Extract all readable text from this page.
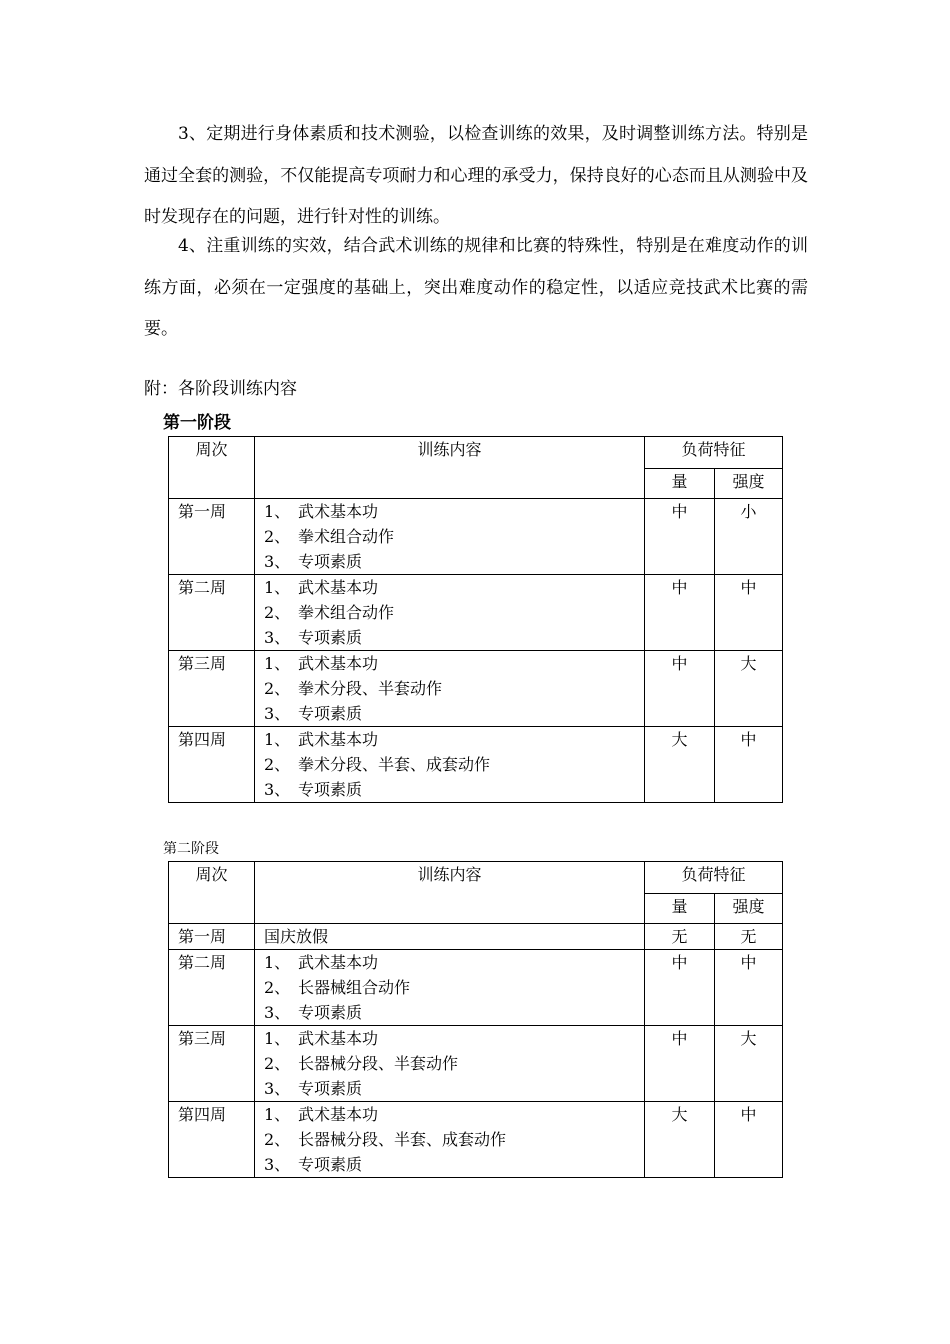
3、定期进行身体素质和技术测验，以检查训练的效果，及时调整训练方法。特别是通过全套的测验，不仅能提高专项耐力和心理的承受力，保持良好的心态而且从测验中及时发现存在的问题，进行针对性的训练。

4、注重训练的实效，结合武术训练的规律和比赛的特殊性，特别是在难度动作的训练方面，必须在一定强度的基础上，突出难度动作的稳定性，以适应竞技武术比赛的需要。

附：各阶段训练内容

第一阶段

周次	训练内容	负荷特征	
		量	强度
第一周	1、 武术基本功
2、 拳术组合动作
3、 专项素质	中	小
第二周	1、 武术基本功
2、 拳术组合动作
3、 专项素质	中	中
第三周	1、 武术基本功
2、 拳术分段、半套动作
3、 专项素质	中	大
第四周	1、 武术基本功
2、 拳术分段、半套、成套动作
3、 专项素质	大	中

第二阶段

周次	训练内容	负荷特征	
		量	强度
第一周	国庆放假	无	无
第二周	1、 武术基本功
2、 长器械组合动作
3、 专项素质	中	中
第三周	1、 武术基本功
2、 长器械分段、半套动作
3、 专项素质	中	大
第四周	1、 武术基本功
2、 长器械分段、半套、成套动作
3、 专项素质	大	中
